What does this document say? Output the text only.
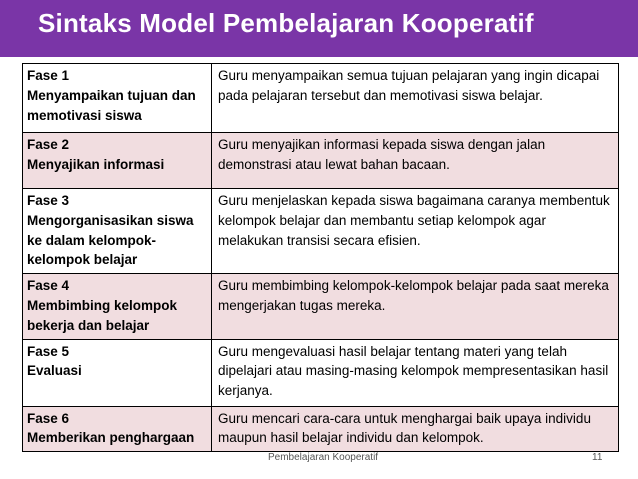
Sintaks Model Pembelajaran Kooperatif
Fase 1
Menyampaikan tujuan dan memotivasi siswa	Guru menyampaikan semua tujuan pelajaran yang ingin dicapai pada pelajaran tersebut dan memotivasi siswa belajar.

Fase 2
Menyajikan informasi	Guru menyajikan informasi kepada siswa dengan jalan demonstrasi atau lewat bahan bacaan.

Fase 3
Mengorganisasikan siswa ke dalam kelompok-kelompok belajar	Guru menjelaskan kepada siswa bagaimana caranya membentuk kelompok belajar dan membantu setiap kelompok agar melakukan transisi secara efisien.

Fase 4
Membimbing kelompok bekerja dan belajar	Guru membimbing kelompok-kelompok belajar pada saat mereka mengerjakan tugas mereka.

Fase 5
Evaluasi	Guru mengevaluasi hasil belajar tentang materi yang telah dipelajari atau masing-masing kelompok mempresentasikan hasil kerjanya.

Fase 6
Memberikan penghargaan	Guru mencari cara-cara untuk menghargai baik upaya individu maupun hasil belajar individu dan kelompok.
Pembelajaran Kooperatif	11
